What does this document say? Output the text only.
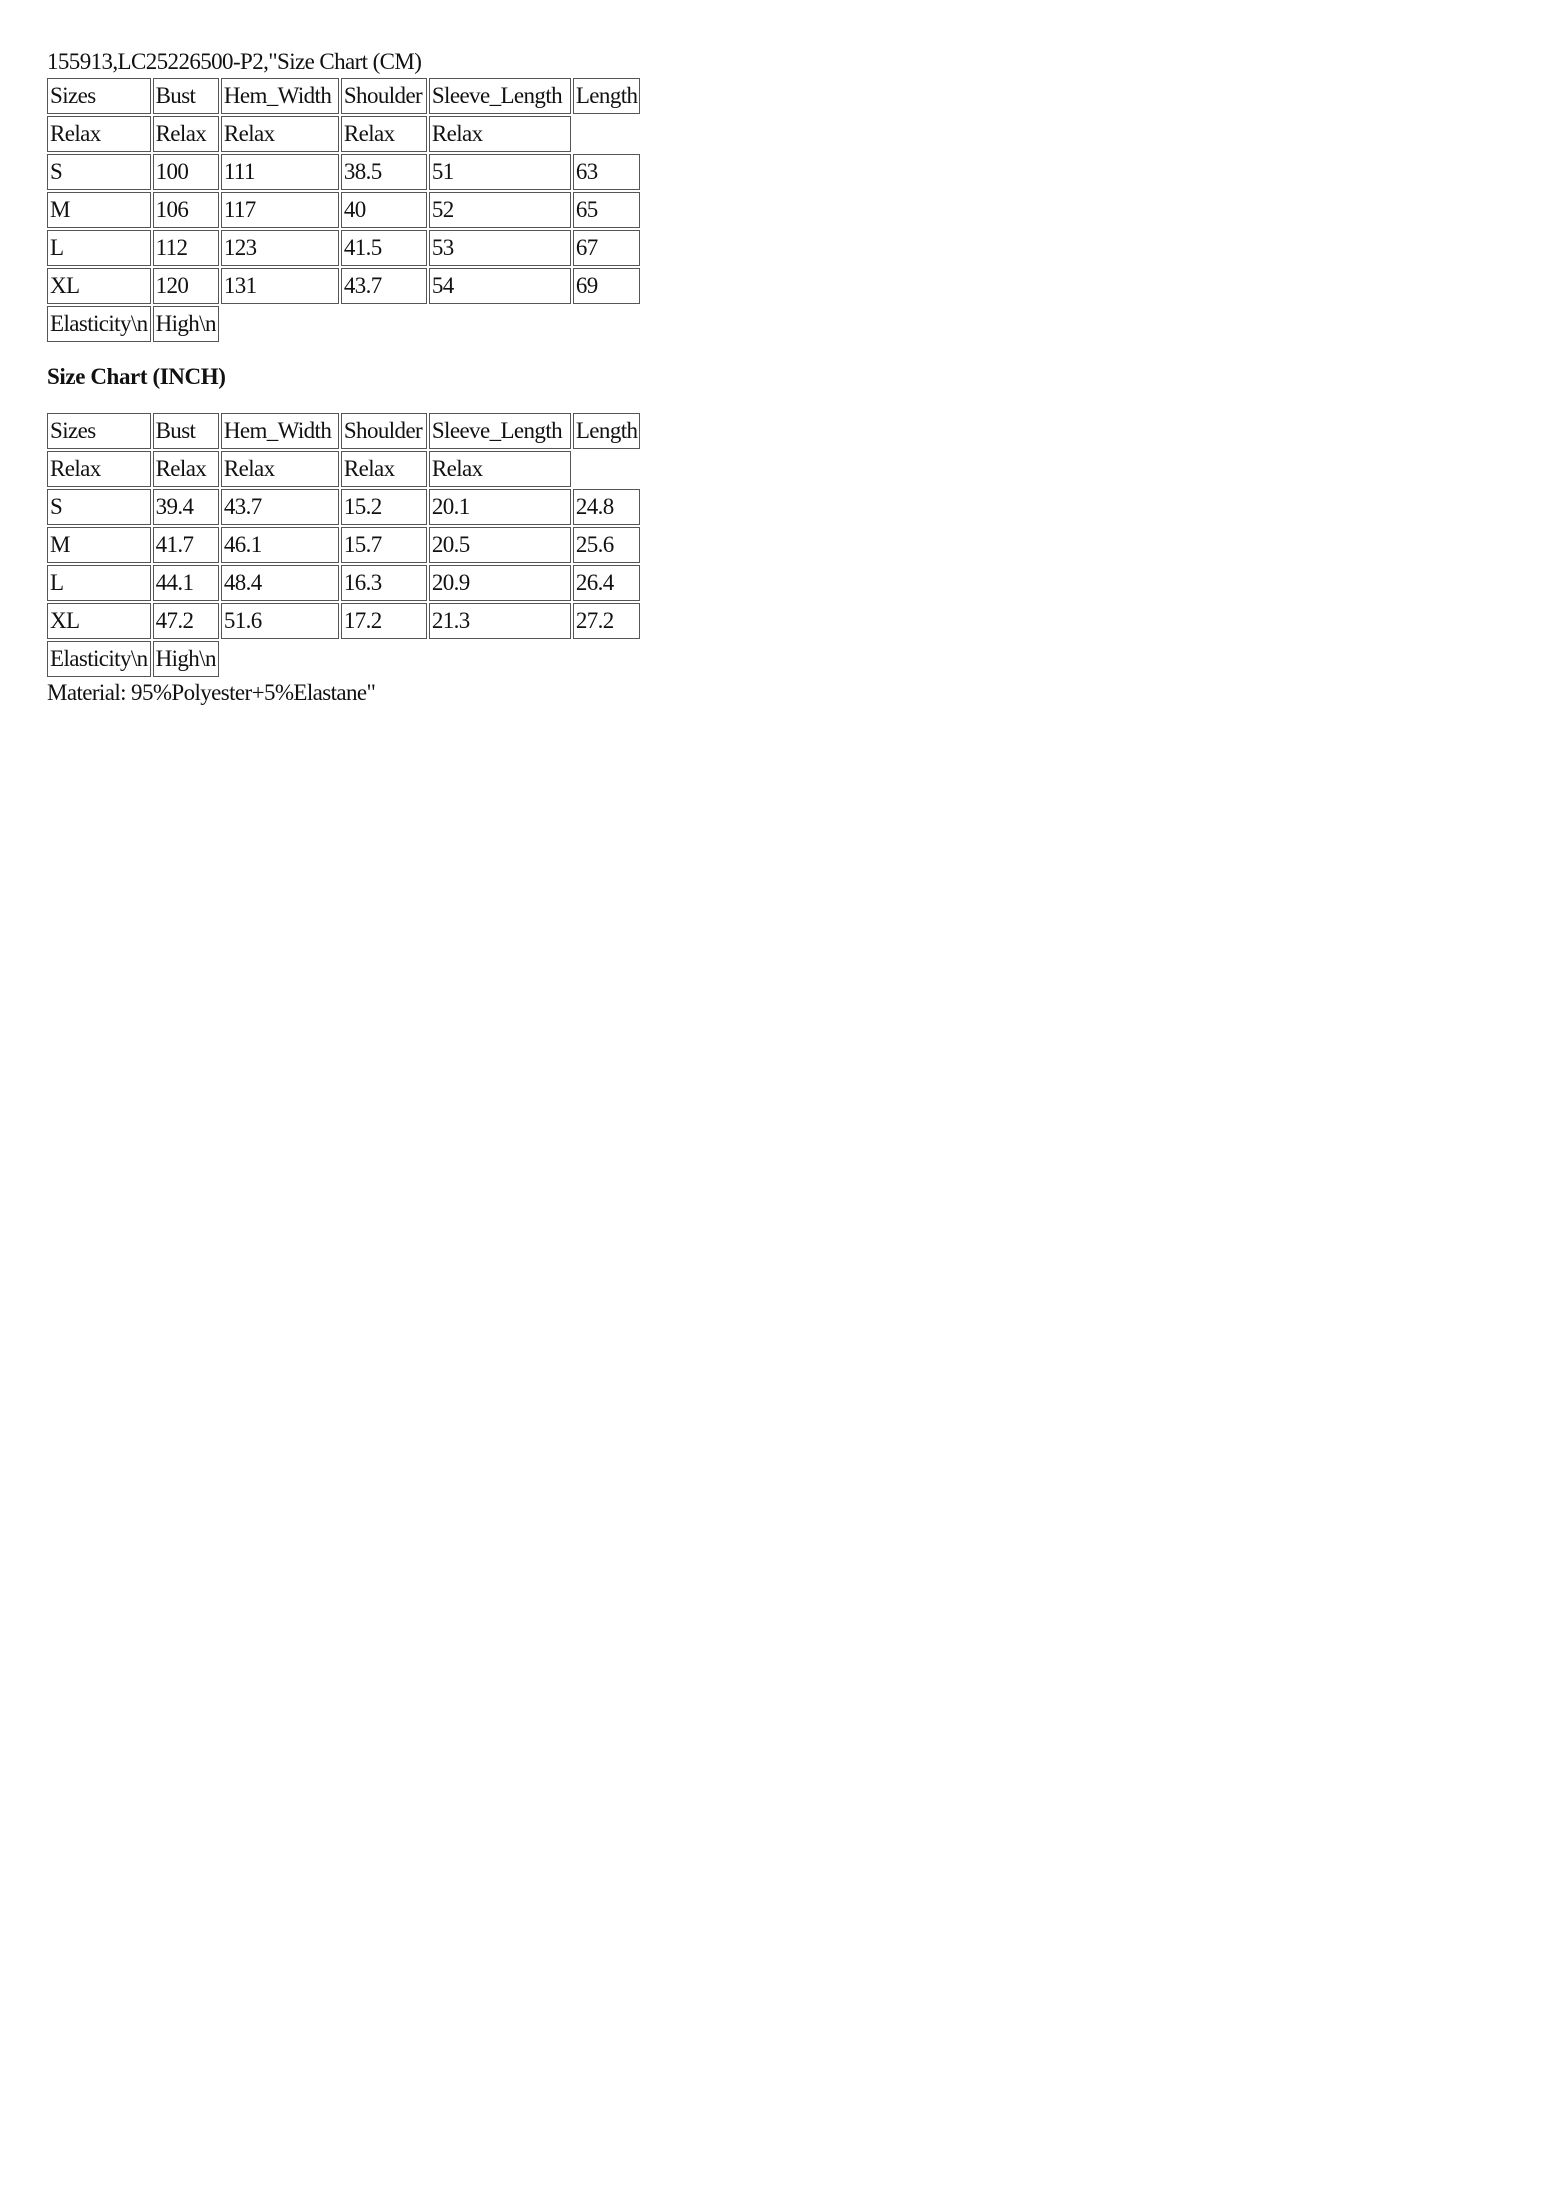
155913,LC25226500-P2,"Size Chart (CM)
Sizes	Bust	Hem_Width	Shoulder	Sleeve_Length	Length
Relax	Relax	Relax	Relax	Relax	
S	100	111	38.5	51	63
M	106	117	40	52	65
L	112	123	41.5	53	67
XL	120	131	43.7	54	69
Elasticity\n	High\n				
Size Chart (INCH)
Sizes	Bust	Hem_Width	Shoulder	Sleeve_Length	Length
Relax	Relax	Relax	Relax	Relax	
S	39.4	43.7	15.2	20.1	24.8
M	41.7	46.1	15.7	20.5	25.6
L	44.1	48.4	16.3	20.9	26.4
XL	47.2	51.6	17.2	21.3	27.2
Elasticity\n	High\n				
Material: 95%Polyester+5%Elastane"
